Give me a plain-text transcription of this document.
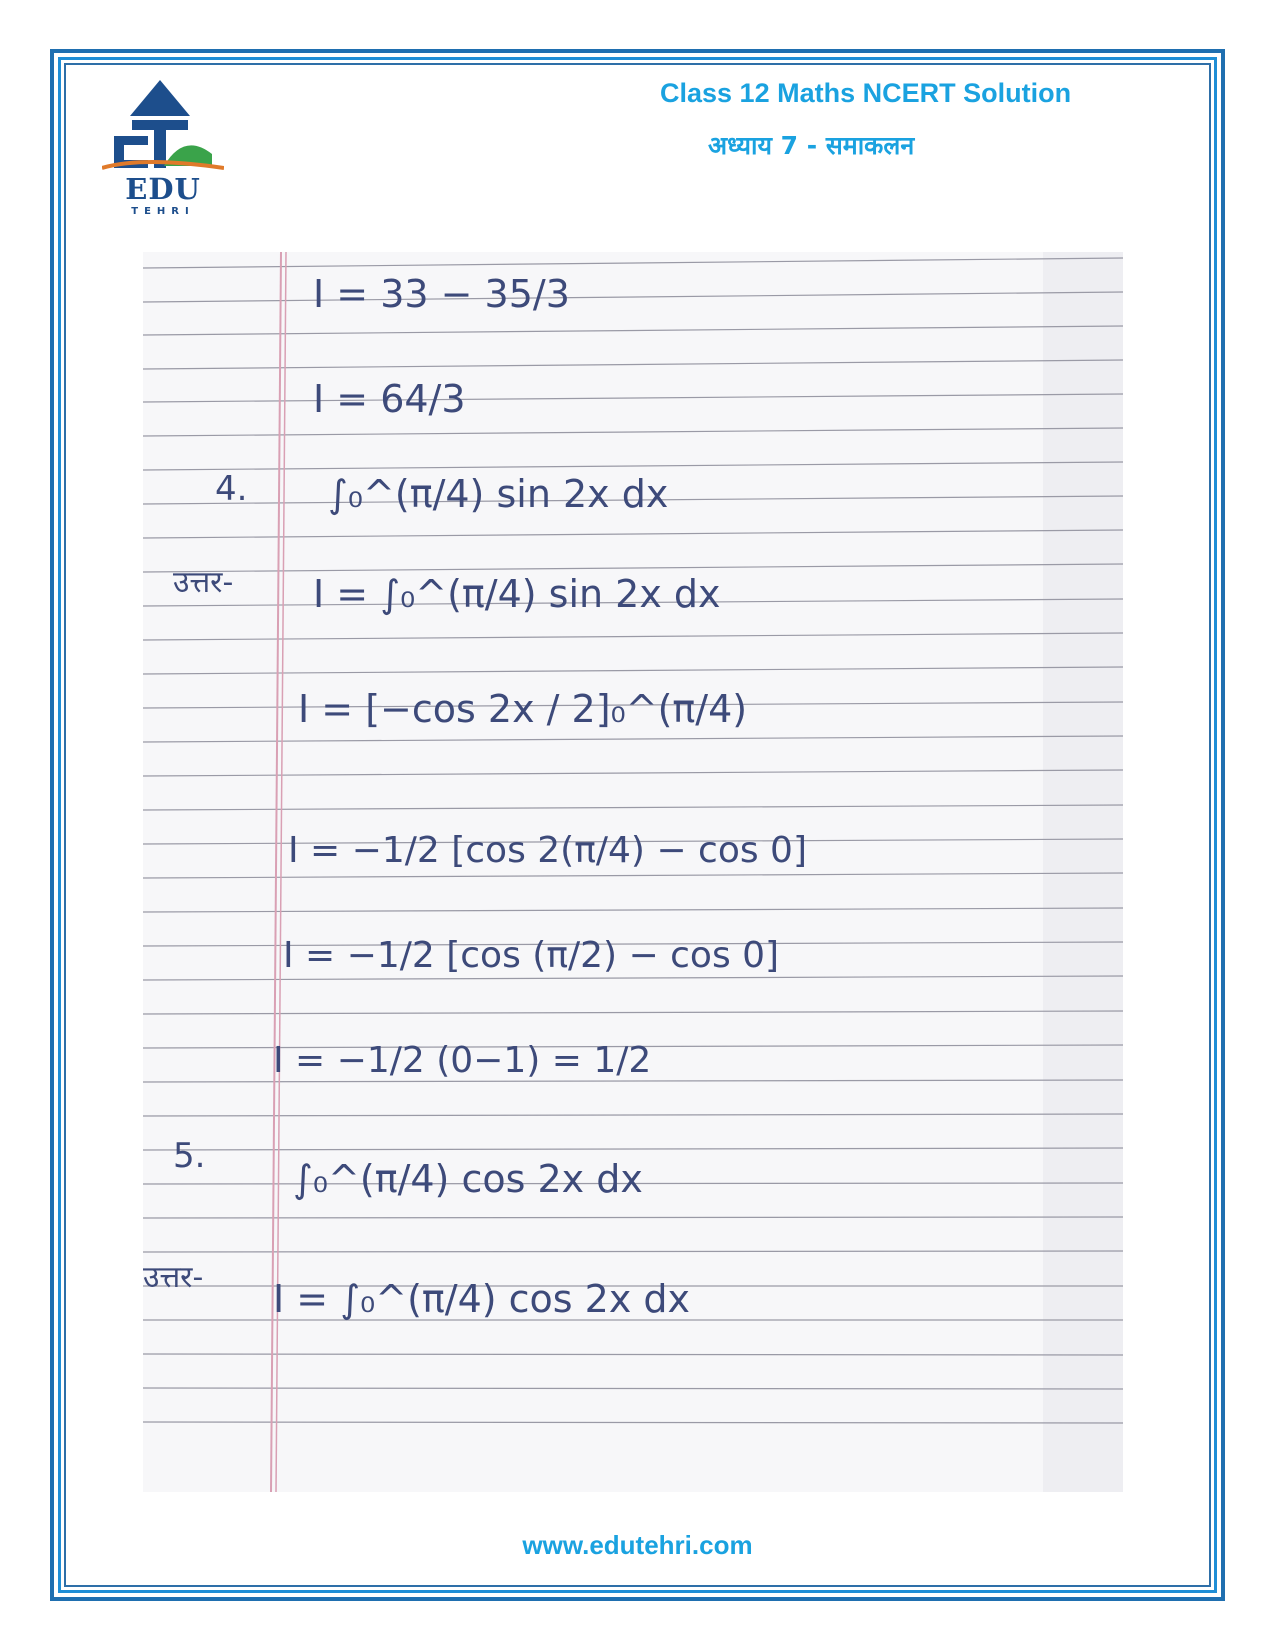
EDU
TEHRI
Class 12 Maths NCERT Solution
अध्याय 7 - समाकलन
I = 33 − 35/3
I = 64/3
4. ∫₀^(π/4) sin 2x dx
उत्तर- I = ∫₀^(π/4) sin 2x dx
I = [−cos 2x / 2]₀^(π/4)
I = −1/2 [cos 2(π/4) − cos 0]
I = −1/2 [cos (π/2) − cos 0]
I = −1/2 (0−1) = 1/2
5.
∫₀^(π/4) cos 2x dx
उत्तर- I = ∫₀^(π/4) cos 2x dx
www.edutehri.com
